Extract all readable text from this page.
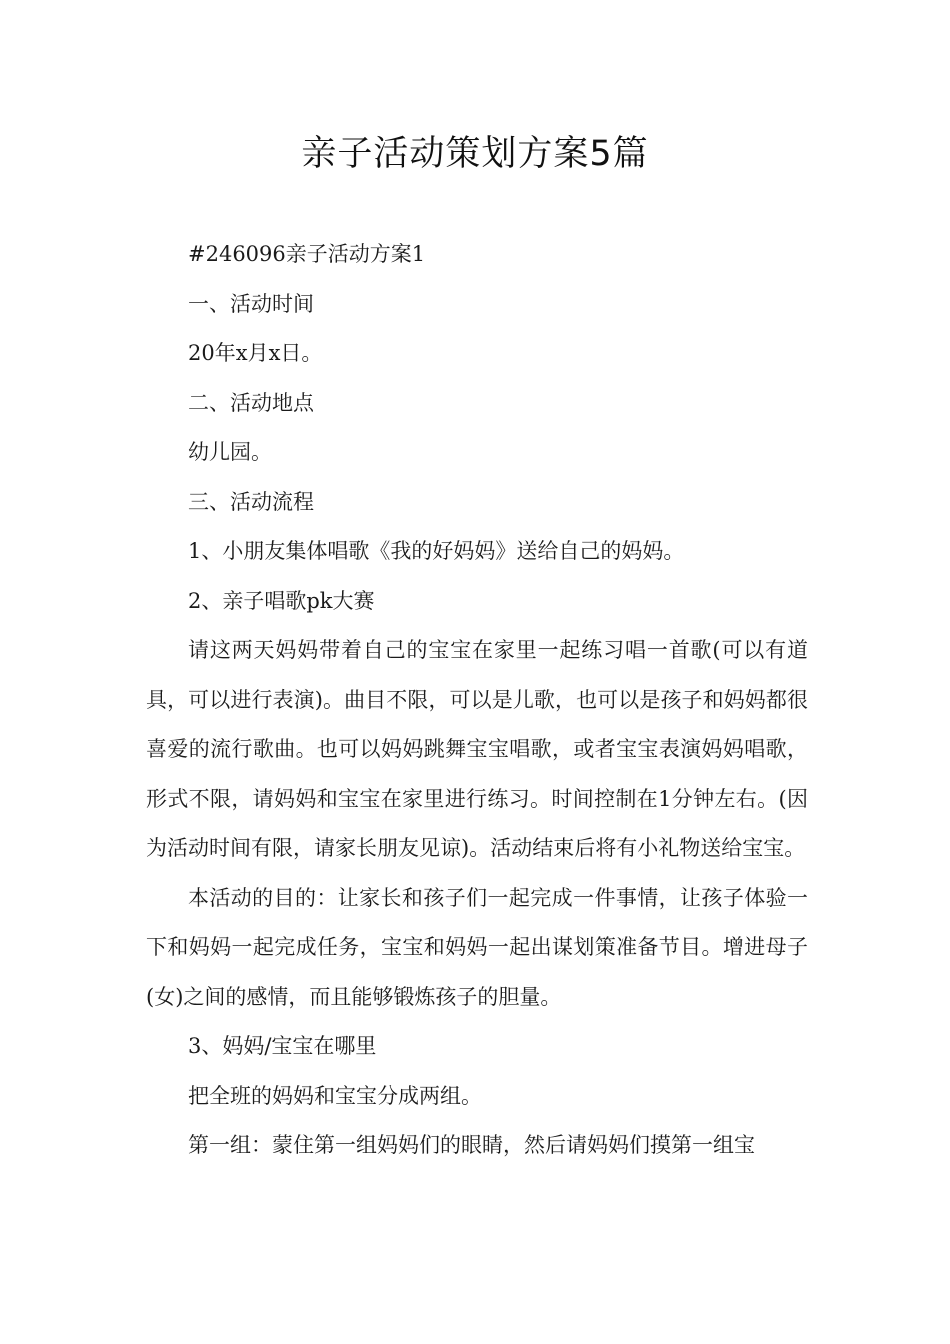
亲子活动策划方案5篇

#246096亲子活动方案1

一、活动时间

20年x月x日。

二、活动地点

幼儿园。

三、活动流程

1、小朋友集体唱歌《我的好妈妈》送给自己的妈妈。

2、亲子唱歌pk大赛

请这两天妈妈带着自己的宝宝在家里一起练习唱一首歌(可以有道具，可以进行表演)。曲目不限，可以是儿歌，也可以是孩子和妈妈都很喜爱的流行歌曲。也可以妈妈跳舞宝宝唱歌，或者宝宝表演妈妈唱歌，形式不限，请妈妈和宝宝在家里进行练习。时间控制在1分钟左右。(因为活动时间有限，请家长朋友见谅)。活动结束后将有小礼物送给宝宝。

本活动的目的：让家长和孩子们一起完成一件事情，让孩子体验一下和妈妈一起完成任务，宝宝和妈妈一起出谋划策准备节目。增进母子(女)之间的感情，而且能够锻炼孩子的胆量。

3、妈妈/宝宝在哪里

把全班的妈妈和宝宝分成两组。

第一组：蒙住第一组妈妈们的眼睛，然后请妈妈们摸第一组宝
